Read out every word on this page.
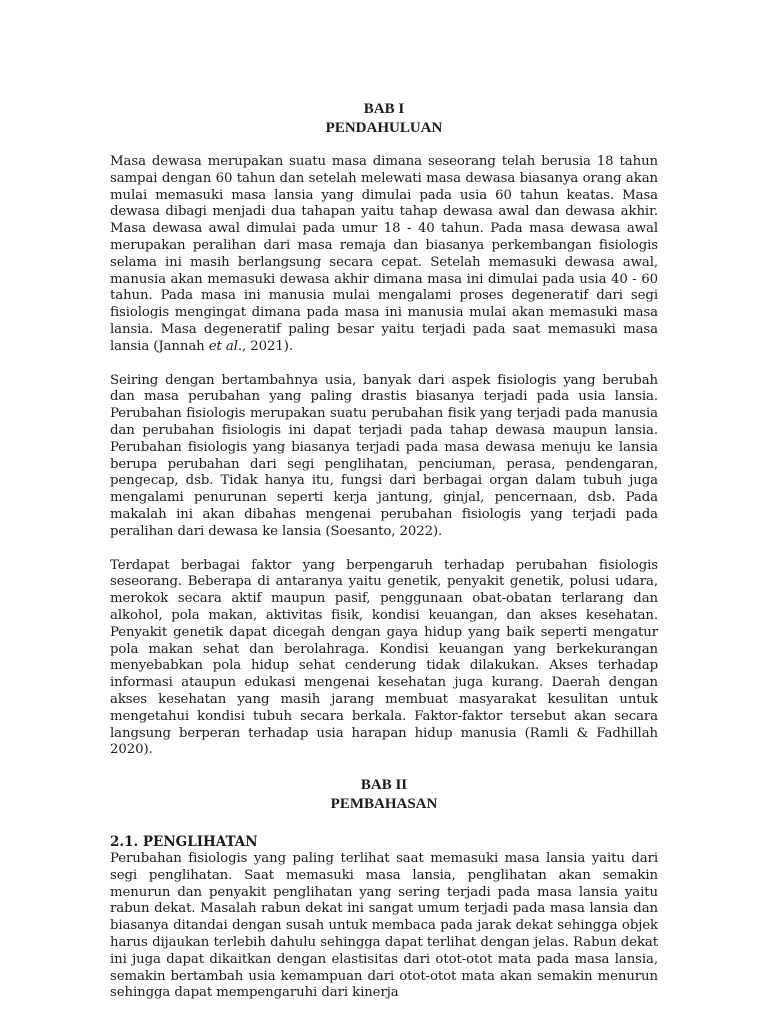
BAB I
PENDAHULUAN

Masa dewasa merupakan suatu masa dimana seseorang telah berusia 18 tahun sampai dengan 60 tahun dan setelah melewati masa dewasa biasanya orang akan mulai memasuki masa lansia yang dimulai pada usia 60 tahun keatas. Masa dewasa dibagi menjadi dua tahapan yaitu tahap dewasa awal dan dewasa akhir. Masa dewasa awal dimulai pada umur 18 - 40 tahun. Pada masa dewasa awal merupakan peralihan dari masa remaja dan biasanya perkembangan fisiologis selama ini masih berlangsung secara cepat. Setelah memasuki dewasa awal, manusia akan memasuki dewasa akhir dimana masa ini dimulai pada usia 40 - 60 tahun. Pada masa ini manusia mulai mengalami proses degeneratif dari segi fisiologis mengingat dimana pada masa ini manusia mulai akan memasuki masa lansia. Masa degeneratif paling besar yaitu terjadi pada saat memasuki masa lansia (Jannah et al., 2021).

Seiring dengan bertambahnya usia, banyak dari aspek fisiologis yang berubah dan masa perubahan yang paling drastis biasanya terjadi pada usia lansia. Perubahan fisiologis merupakan suatu perubahan fisik yang terjadi pada manusia dan perubahan fisiologis ini dapat terjadi pada tahap dewasa maupun lansia. Perubahan fisiologis yang biasanya terjadi pada masa dewasa menuju ke lansia berupa perubahan dari segi penglihatan, penciuman, perasa, pendengaran, pengecap, dsb. Tidak hanya itu, fungsi dari berbagai organ dalam tubuh juga mengalami penurunan seperti kerja jantung, ginjal, pencernaan, dsb. Pada makalah ini akan dibahas mengenai perubahan fisiologis yang terjadi pada peralihan dari dewasa ke lansia (Soesanto, 2022).

Terdapat berbagai faktor yang berpengaruh terhadap perubahan fisiologis seseorang. Beberapa di antaranya yaitu genetik, penyakit genetik, polusi udara, merokok secara aktif maupun pasif, penggunaan obat-obatan terlarang dan alkohol, pola makan, aktivitas fisik, kondisi keuangan, dan akses kesehatan. Penyakit genetik dapat dicegah dengan gaya hidup yang baik seperti mengatur pola makan sehat dan berolahraga. Kondisi keuangan yang berkekurangan menyebabkan pola hidup sehat cenderung tidak dilakukan. Akses terhadap informasi ataupun edukasi mengenai kesehatan juga kurang. Daerah dengan akses kesehatan yang masih jarang membuat masyarakat kesulitan untuk mengetahui kondisi tubuh secara berkala. Faktor-faktor tersebut akan secara langsung berperan terhadap usia harapan hidup manusia (Ramli & Fadhillah 2020).

BAB II
PEMBAHASAN
2.1. PENGLIHATAN

Perubahan fisiologis yang paling terlihat saat memasuki masa lansia yaitu dari segi penglihatan. Saat memasuki masa lansia, penglihatan akan semakin menurun dan penyakit penglihatan yang sering terjadi pada masa lansia yaitu rabun dekat. Masalah rabun dekat ini sangat umum terjadi pada masa lansia dan biasanya ditandai dengan susah untuk membaca pada jarak dekat sehingga objek harus dijaukan terlebih dahulu sehingga dapat terlihat dengan jelas. Rabun dekat ini juga dapat dikaitkan dengan elastisitas dari otot-otot mata pada masa lansia, semakin bertambah usia kemampuan dari otot-otot mata akan semakin menurun sehingga dapat mempengaruhi dari kinerja
